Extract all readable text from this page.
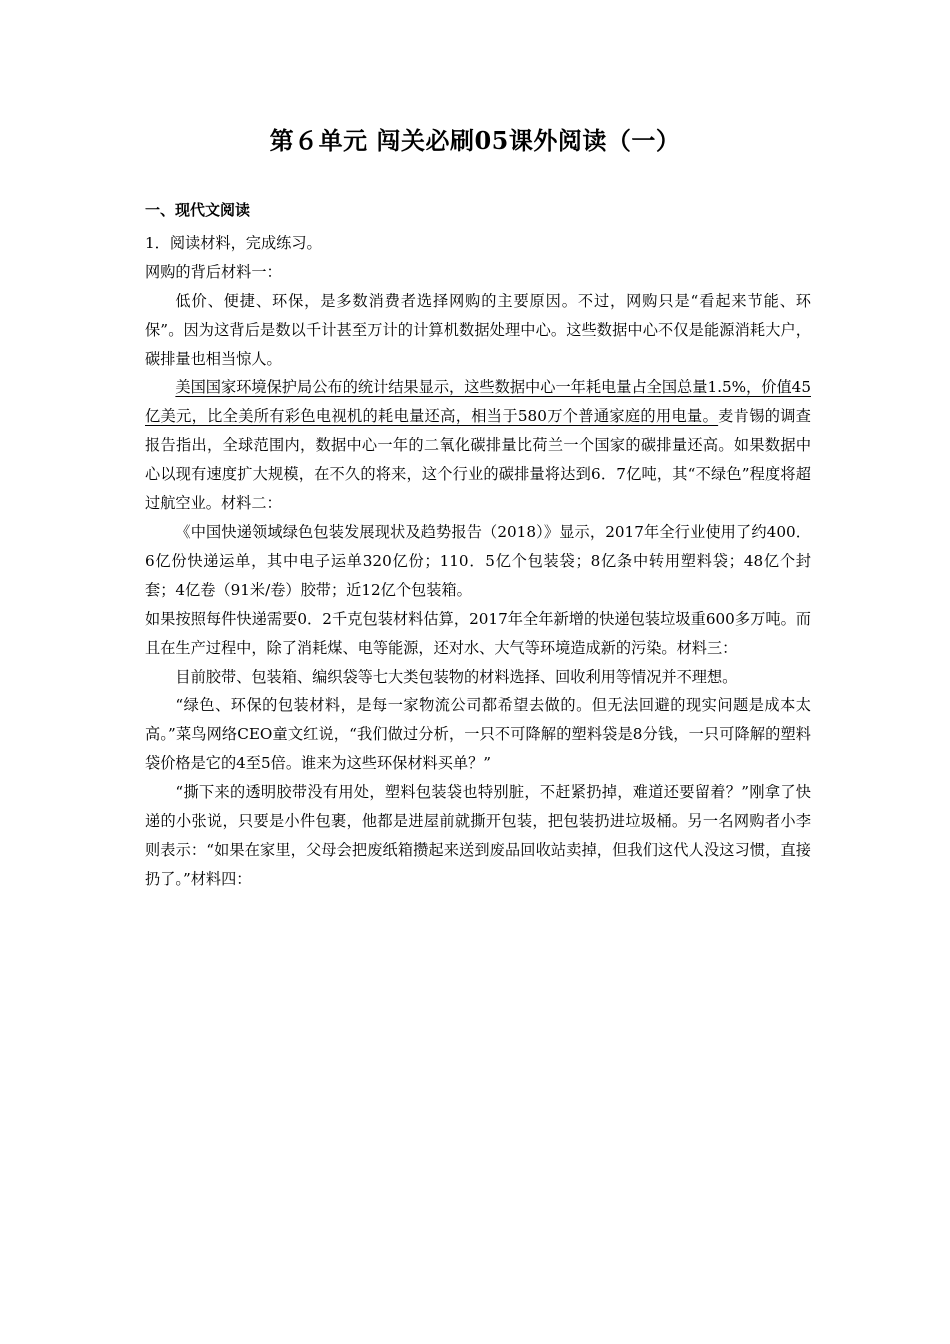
第６单元 闯关必刷05课外阅读（一）

一、现代文阅读

1．阅读材料，完成练习。

网购的背后材料一：

低价、便捷、环保，是多数消费者选择网购的主要原因。不过，网购只是“看起来节能、环保”。因为这背后是数以千计甚至万计的计算机数据处理中心。这些数据中心不仅是能源消耗大户，碳排量也相当惊人。

美国国家环境保护局公布的统计结果显示，这些数据中心一年耗电量占全国总量1.5%，价值45亿美元，比全美所有彩色电视机的耗电量还高，相当于580万个普通家庭的用电量。麦肯锡的调查报告指出，全球范围内，数据中心一年的二氧化碳排量比荷兰一个国家的碳排量还高。如果数据中心以现有速度扩大规模，在不久的将来，这个行业的碳排量将达到6．7亿吨，其“不绿色”程度将超过航空业。材料二：

《中国快递领域绿色包装发展现状及趋势报告（2018）》显示，2017年全行业使用了约400．6亿份快递运单，其中电子运单320亿份；110．5亿个包装袋；8亿条中转用塑料袋；48亿个封套；4亿卷（91米/卷）胶带；近12亿个包装箱。

如果按照每件快递需要0．2千克包装材料估算，2017年全年新增的快递包装垃圾重600多万吨。而且在生产过程中，除了消耗煤、电等能源，还对水、大气等环境造成新的污染。材料三：

目前胶带、包装箱、编织袋等七大类包装物的材料选择、回收利用等情况并不理想。

“绿色、环保的包装材料，是每一家物流公司都希望去做的。但无法回避的现实问题是成本太高。”菜鸟网络CEO童文红说，“我们做过分析，一只不可降解的塑料袋是8分钱，一只可降解的塑料袋价格是它的4至5倍。谁来为这些环保材料买单？”

“撕下来的透明胶带没有用处，塑料包装袋也特别脏，不赶紧扔掉，难道还要留着？”刚拿了快递的小张说，只要是小件包裹，他都是进屋前就撕开包装，把包装扔进垃圾桶。另一名网购者小李则表示：“如果在家里，父母会把废纸箱攒起来送到废品回收站卖掉，但我们这代人没这习惯，直接扔了。”材料四：
